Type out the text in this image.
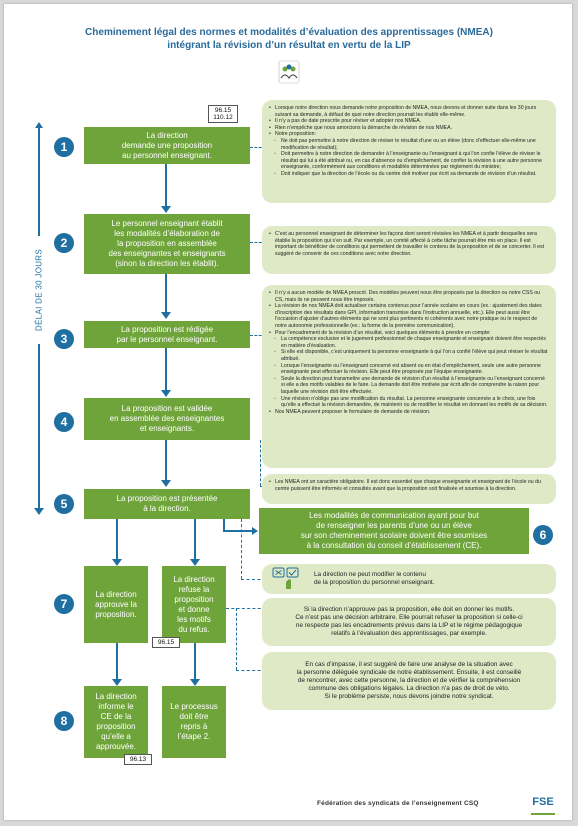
Cheminement légal des normes et modalités d’évaluation des apprentissages (NMEA)
intégrant la révision d’un résultat en vertu de la LIP
DÉLAI DE 30 JOURS
1
2
3
4
5
6
7
8
La direction
demande une proposition
au personnel enseignant.
Le personnel enseignant établit
les modalités d’élaboration de
la proposition en assemblée
des enseignantes et enseignants
(sinon la direction les établit).
La proposition est rédigée
par le personnel enseignant.
La proposition est validée
en assemblée des enseignantes
et enseignants.
La proposition est présentée
à la direction.
96.15
110.12
• Lorsque notre direction nous demande notre proposition de NMEA, nous devons et donner suite dans les 30 jours suivant sa demande, à défaut de quoi notre direction pourrait les établir elle-même.
• Il n’y a pas de date prescrite pour réviser et adopter nos NMEA.
• Rien n’empêche que nous amorcions la démarche de révision de nos NMEA.
• Notre proposition:
◦ Ne doit pas permettre à notre direction de réviser le résultat d’une ou un élève (donc d’effectuer elle-même une modification de résultat);
◦ Doit permettre à notre direction de demander à l’enseignante ou l’enseignant à qui l’on confie l’élève de réviser le résultat qui lui a été attribué ou, en cas d’absence ou d’empêchement, de confier la révision à une autre personne enseignante, conformément aux conditions et modalités déterminées par règlement du ministre;
◦ Doit indiquer que la direction de l’école ou du centre doit motiver par écrit sa demande de révision d’un résultat.
• C’est au personnel enseignant de déterminer les façons dont seront révisées les NMEA et à partir desquelles sera établie la proposition qui s’en suit. Par exemple, un comité affecté à cette tâche pourrait être mis en place. Il est important de bénéficier de conditions qui permettent de travailler le contenu de la proposition et de se concerter. Il est suggéré de convenir de ces conditions avec notre direction.
• Il n’y a aucun modèle de NMEA proscrit. Des modèles peuvent nous être proposés par la direction ou notre CSS ou CS, mais ils ne peuvent nous être imposés.
• La révision de nos NMEA doit actualiser certains contenus pour l’année scolaire en cours (ex.: ajustement des dates d’inscription des résultats dans GPI, information transmise dans l’instruction annuelle, etc.). Elle peut aussi être l’occasion d’ajuster d’autres éléments qui ne sont plus pertinents ni cohérents avec notre pratique ou le respect de notre autonomie professionnelle (ex.: la forme de la première communication).
• Pour l’encadrement de la révision d’un résultat, voici quelques éléments à prendre en compte:
◦ La compétence exclusive et le jugement professionnel de chaque enseignante et enseignant doivent être respectés en matière d’évaluation.
◦ Si elle est disponible, c’est uniquement la personne enseignante à qui l’on a confié l’élève qui peut réviser le résultat attribué.
◦ Lorsque l’enseignante ou l’enseignant concerné est absent ou en état d’empêchement, seule une autre personne enseignante peut effectuer la révision. Elle peut être proposée par l’équipe enseignante.
◦ Seule la direction peut transmettre une demande de révision d’un résultat à l’enseignante ou l’enseignant concerné si elle a des motifs valables de le faire. La demande doit être motivée par écrit afin de comprendre la raison pour laquelle une révision doit être effectuée.
◦ Une révision n’oblige pas une modification du résultat. La personne enseignante concernée a le choix, une fois qu’elle a effectué la révision demandée, de maintenir ou de modifier le résultat en donnant les motifs de sa décision.
• Nos NMEA peuvent proposer le formulaire de demande de révision.
• Les NMEA ont un caractère obligatoire. Il est donc essentiel que chaque enseignante et enseignant de l’école ou du centre puissent être informés et consultés avant que la proposition soit finalisée et soumise à la direction.
Les modalités de communication ayant pour but
de renseigner les parents d’une ou un élève
sur son cheminement scolaire doivent être soumises
à la consultation du conseil d’établissement (CE).
La direction ne peut modifier le contenu
de la proposition du personnel enseignant.
La direction
approuve la
proposition.
La direction
refuse la
proposition
et donne
les motifs
du refus.
96.15
Si la direction n’approuve pas la proposition, elle doit en donner les motifs.
Ce n’est pas une décision arbitraire. Elle pourrait refuser la proposition si celle-ci
ne respecte pas les encadrements prévus dans la LIP et le régime pédagogique
relatifs à l’évaluation des apprentissages, par exemple.
En cas d’impasse, il est suggéré de faire une analyse de la situation avec
la personne déléguée syndicale de notre établissement. Ensuite, il est conseillé
de rencontrer, avec cette personne, la direction et de vérifier la compréhension
commune des obligations légales. La direction n’a pas de droit de véto.
Si le problème persiste, nous devons joindre notre syndicat.
La direction
informe le
CE de la
proposition
qu’elle a
approuvée.
Le processus
doit être
repris à
l’étape 2.
96.13
Fédération des syndicats de l’enseignement CSQ	FSE
